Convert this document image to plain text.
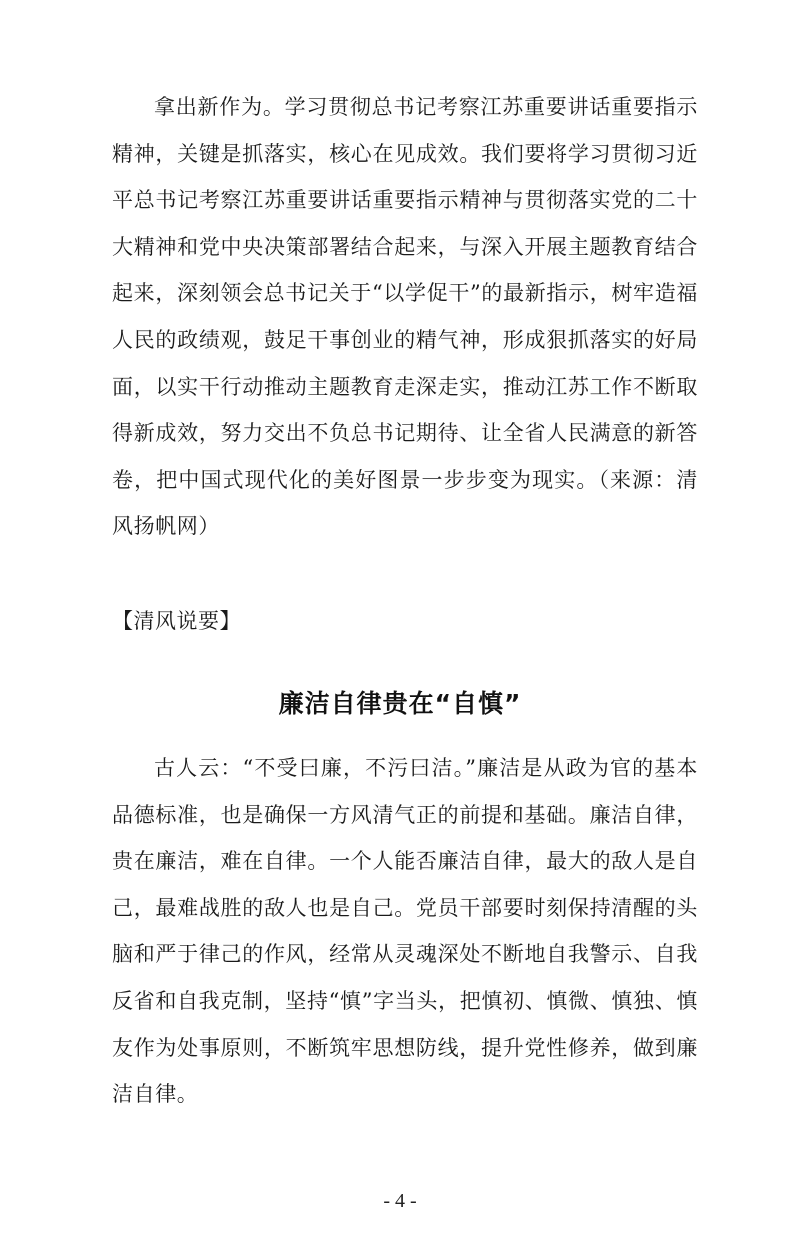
拿出新作为。学习贯彻总书记考察江苏重要讲话重要指示精神，关键是抓落实，核心在见成效。我们要将学习贯彻习近平总书记考察江苏重要讲话重要指示精神与贯彻落实党的二十大精神和党中央决策部署结合起来，与深入开展主题教育结合起来，深刻领会总书记关于“以学促干”的最新指示，树牢造福人民的政绩观，鼓足干事创业的精气神，形成狠抓落实的好局面，以实干行动推动主题教育走深走实，推动江苏工作不断取得新成效，努力交出不负总书记期待、让全省人民满意的新答卷，把中国式现代化的美好图景一步步变为现实。（来源：清风扬帆网）

【清风说要】

廉洁自律贵在“自慎”

古人云：“不受曰廉，不污曰洁。”廉洁是从政为官的基本品德标准，也是确保一方风清气正的前提和基础。廉洁自律，贵在廉洁，难在自律。一个人能否廉洁自律，最大的敌人是自己，最难战胜的敌人也是自己。党员干部要时刻保持清醒的头脑和严于律己的作风，经常从灵魂深处不断地自我警示、自我反省和自我克制，坚持“慎”字当头，把慎初、慎微、慎独、慎友作为处事原则，不断筑牢思想防线，提升党性修养，做到廉洁自律。

- 4 -
